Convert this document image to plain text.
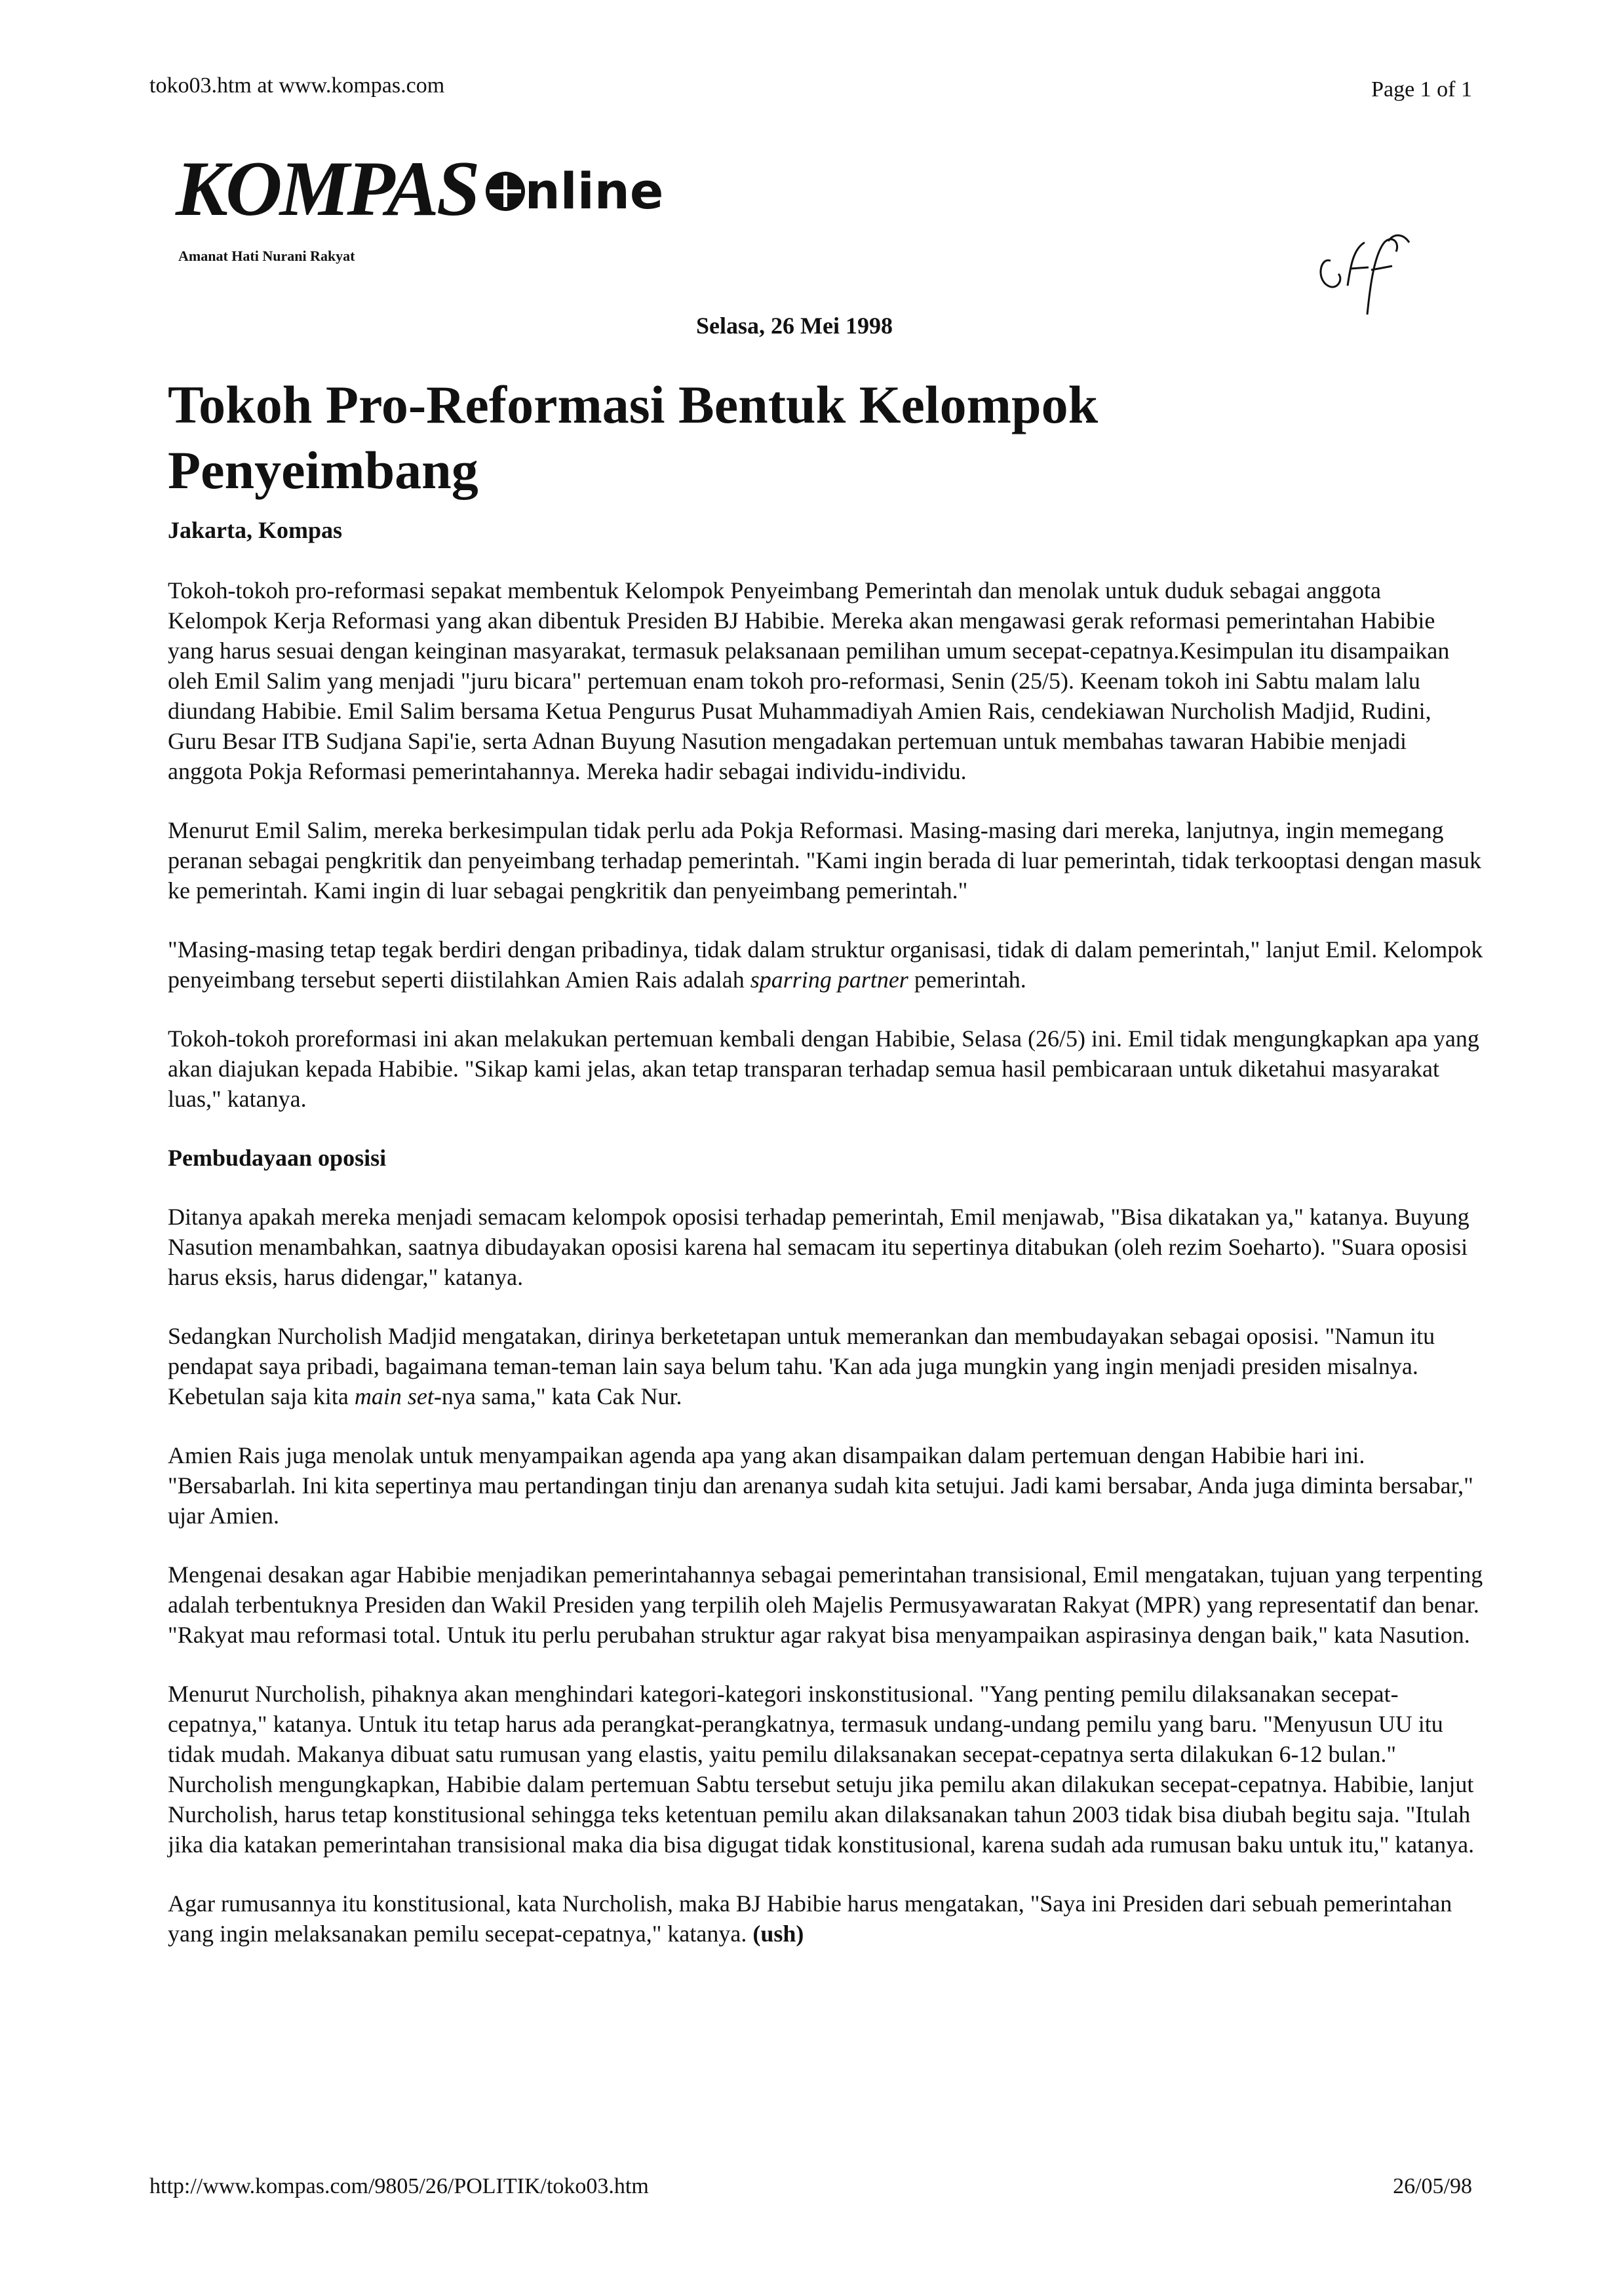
toko03.htm at www.kompas.com	Page 1 of 1
KOMPAS nline
Amanat Hati Nurani Rakyat
Selasa, 26 Mei 1998
Tokoh Pro-Reformasi Bentuk Kelompok Penyeimbang

Jakarta, Kompas

Tokoh-tokoh pro-reformasi sepakat membentuk Kelompok Penyeimbang Pemerintah dan menolak untuk duduk sebagai anggota Kelompok Kerja Reformasi yang akan dibentuk Presiden BJ Habibie. Mereka akan mengawasi gerak reformasi pemerintahan Habibie yang harus sesuai dengan keinginan masyarakat, termasuk pelaksanaan pemilihan umum secepat-cepatnya.Kesimpulan itu disampaikan oleh Emil Salim yang menjadi "juru bicara" pertemuan enam tokoh pro-reformasi, Senin (25/5). Keenam tokoh ini Sabtu malam lalu diundang Habibie. Emil Salim bersama Ketua Pengurus Pusat Muhammadiyah Amien Rais, cendekiawan Nurcholish Madjid, Rudini, Guru Besar ITB Sudjana Sapi'ie, serta Adnan Buyung Nasution mengadakan pertemuan untuk membahas tawaran Habibie menjadi anggota Pokja Reformasi pemerintahannya. Mereka hadir sebagai individu-individu.

Menurut Emil Salim, mereka berkesimpulan tidak perlu ada Pokja Reformasi. Masing-masing dari mereka, lanjutnya, ingin memegang peranan sebagai pengkritik dan penyeimbang terhadap pemerintah. "Kami ingin berada di luar pemerintah, tidak terkooptasi dengan masuk ke pemerintah. Kami ingin di luar sebagai pengkritik dan penyeimbang pemerintah."

"Masing-masing tetap tegak berdiri dengan pribadinya, tidak dalam struktur organisasi, tidak di dalam pemerintah," lanjut Emil. Kelompok penyeimbang tersebut seperti diistilahkan Amien Rais adalah sparring partner pemerintah.

Tokoh-tokoh proreformasi ini akan melakukan pertemuan kembali dengan Habibie, Selasa (26/5) ini. Emil tidak mengungkapkan apa yang akan diajukan kepada Habibie. "Sikap kami jelas, akan tetap transparan terhadap semua hasil pembicaraan untuk diketahui masyarakat luas," katanya.

Pembudayaan oposisi

Ditanya apakah mereka menjadi semacam kelompok oposisi terhadap pemerintah, Emil menjawab, "Bisa dikatakan ya," katanya. Buyung Nasution menambahkan, saatnya dibudayakan oposisi karena hal semacam itu sepertinya ditabukan (oleh rezim Soeharto). "Suara oposisi harus eksis, harus didengar," katanya.

Sedangkan Nurcholish Madjid mengatakan, dirinya berketetapan untuk memerankan dan membudayakan sebagai oposisi. "Namun itu pendapat saya pribadi, bagaimana teman-teman lain saya belum tahu. 'Kan ada juga mungkin yang ingin menjadi presiden misalnya. Kebetulan saja kita main set-nya sama," kata Cak Nur.

Amien Rais juga menolak untuk menyampaikan agenda apa yang akan disampaikan dalam pertemuan dengan Habibie hari ini. "Bersabarlah. Ini kita sepertinya mau pertandingan tinju dan arenanya sudah kita setujui. Jadi kami bersabar, Anda juga diminta bersabar," ujar Amien.

Mengenai desakan agar Habibie menjadikan pemerintahannya sebagai pemerintahan transisional, Emil mengatakan, tujuan yang terpenting adalah terbentuknya Presiden dan Wakil Presiden yang terpilih oleh Majelis Permusyawaratan Rakyat (MPR) yang representatif dan benar. "Rakyat mau reformasi total. Untuk itu perlu perubahan struktur agar rakyat bisa menyampaikan aspirasinya dengan baik," kata Nasution.

Menurut Nurcholish, pihaknya akan menghindari kategori-kategori inskonstitusional. "Yang penting pemilu dilaksanakan secepat-cepatnya," katanya. Untuk itu tetap harus ada perangkat-perangkatnya, termasuk undang-undang pemilu yang baru. "Menyusun UU itu tidak mudah. Makanya dibuat satu rumusan yang elastis, yaitu pemilu dilaksanakan secepat-cepatnya serta dilakukan 6-12 bulan." Nurcholish mengungkapkan, Habibie dalam pertemuan Sabtu tersebut setuju jika pemilu akan dilakukan secepat-cepatnya. Habibie, lanjut Nurcholish, harus tetap konstitusional sehingga teks ketentuan pemilu akan dilaksanakan tahun 2003 tidak bisa diubah begitu saja. "Itulah jika dia katakan pemerintahan transisional maka dia bisa digugat tidak konstitusional, karena sudah ada rumusan baku untuk itu," katanya.

Agar rumusannya itu konstitusional, kata Nurcholish, maka BJ Habibie harus mengatakan, "Saya ini Presiden dari sebuah pemerintahan yang ingin melaksanakan pemilu secepat-cepatnya," katanya. (ush)

http://www.kompas.com/9805/26/POLITIK/toko03.htm	26/05/98
